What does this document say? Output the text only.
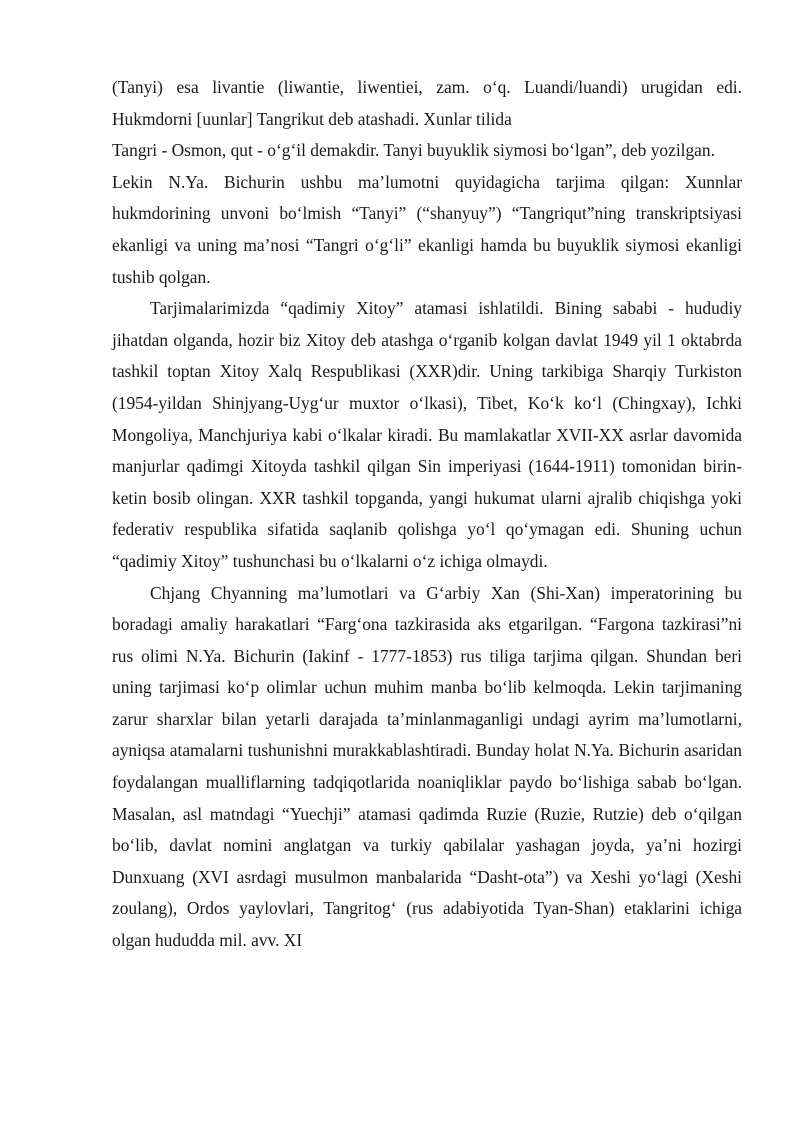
(Tanyi) esa livantie (liwantie, liwentiei, zam. o‘q. Luandi/luandi) urugidan edi. Hukmdorni [uunlar] Tangrikut deb atashadi. Xunlar tilida

Tangri - Osmon, qut - o‘g‘il demakdir. Tanyi buyuklik siymosi bo‘lgan”, deb yozilgan.

Lekin N.Ya. Bichurin ushbu ma’lumotni quyidagicha tarjima qilgan: Xunnlar hukmdorining unvoni bo‘lmish “Tanyi” (“shanyuy”) “Tangriqut”ning transkriptsiyasi ekanligi va uning ma’nosi “Tangri o‘g‘li” ekanligi hamda bu buyuklik siymosi ekanligi tushib qolgan.

Tarjimalarimizda “qadimiy Xitoy” atamasi ishlatildi. Bining sababi - hududiy jihatdan olganda, hozir biz Xitoy deb atashga o‘rganib kolgan davlat 1949 yil 1 oktabrda tashkil toptan Xitoy Xalq Respublikasi (XXR)dir. Uning tarkibiga Sharqiy Turkiston (1954-yildan Shinjyang-Uyg‘ur muxtor o‘lkasi), Tibet, Ko‘k ko‘l (Chingxay), Ichki Mongoliya, Manchjuriya kabi o‘lkalar kiradi. Bu mamlakatlar XVII-XX asrlar davomida manjurlar qadimgi Xitoyda tashkil qilgan Sin imperiyasi (1644-1911) tomonidan birin-ketin bosib olingan. XXR tashkil topganda, yangi hukumat ularni ajralib chiqishga yoki federativ respublika sifatida saqlanib qolishga yo‘l qo‘ymagan edi. Shuning uchun “qadimiy Xitoy” tushunchasi bu o‘lkalarni o‘z ichiga olmaydi.

Chjang Chyanning ma’lumotlari va G‘arbiy Xan (Shi-Xan) imperatorining bu boradagi amaliy harakatlari “Farg‘ona tazkirasida aks etgarilgan. “Fargona tazkirasi”ni rus olimi N.Ya. Bichurin (Iakinf - 1777-1853) rus tiliga tarjima qilgan. Shundan beri uning tarjimasi ko‘p olimlar uchun muhim manba bo‘lib kelmoqda. Lekin tarjimaning zarur sharxlar bilan yetarli darajada ta’minlanmaganligi undagi ayrim ma’lumotlarni, ayniqsa atamalarni tushunishni murakkablashtiradi. Bunday holat N.Ya. Bichurin asaridan foydalangan mualliflarning tadqiqotlarida noaniqliklar paydo bo‘lishiga sabab bo‘lgan. Masalan, asl matndagi “Yuechji” atamasi qadimda Ruzie (Ruzie, Rutzie) deb o‘qilgan bo‘lib, davlat nomini anglatgan va turkiy qabilalar yashagan joyda, ya’ni hozirgi Dunxuang (XVI asrdagi musulmon manbalarida “Dasht-ota”) va Xeshi yo‘lagi (Xeshi zoulang), Ordos yaylovlari, Tangritog‘ (rus adabiyotida Tyan-Shan) etaklarini ichiga olgan hududda mil. avv. XI
